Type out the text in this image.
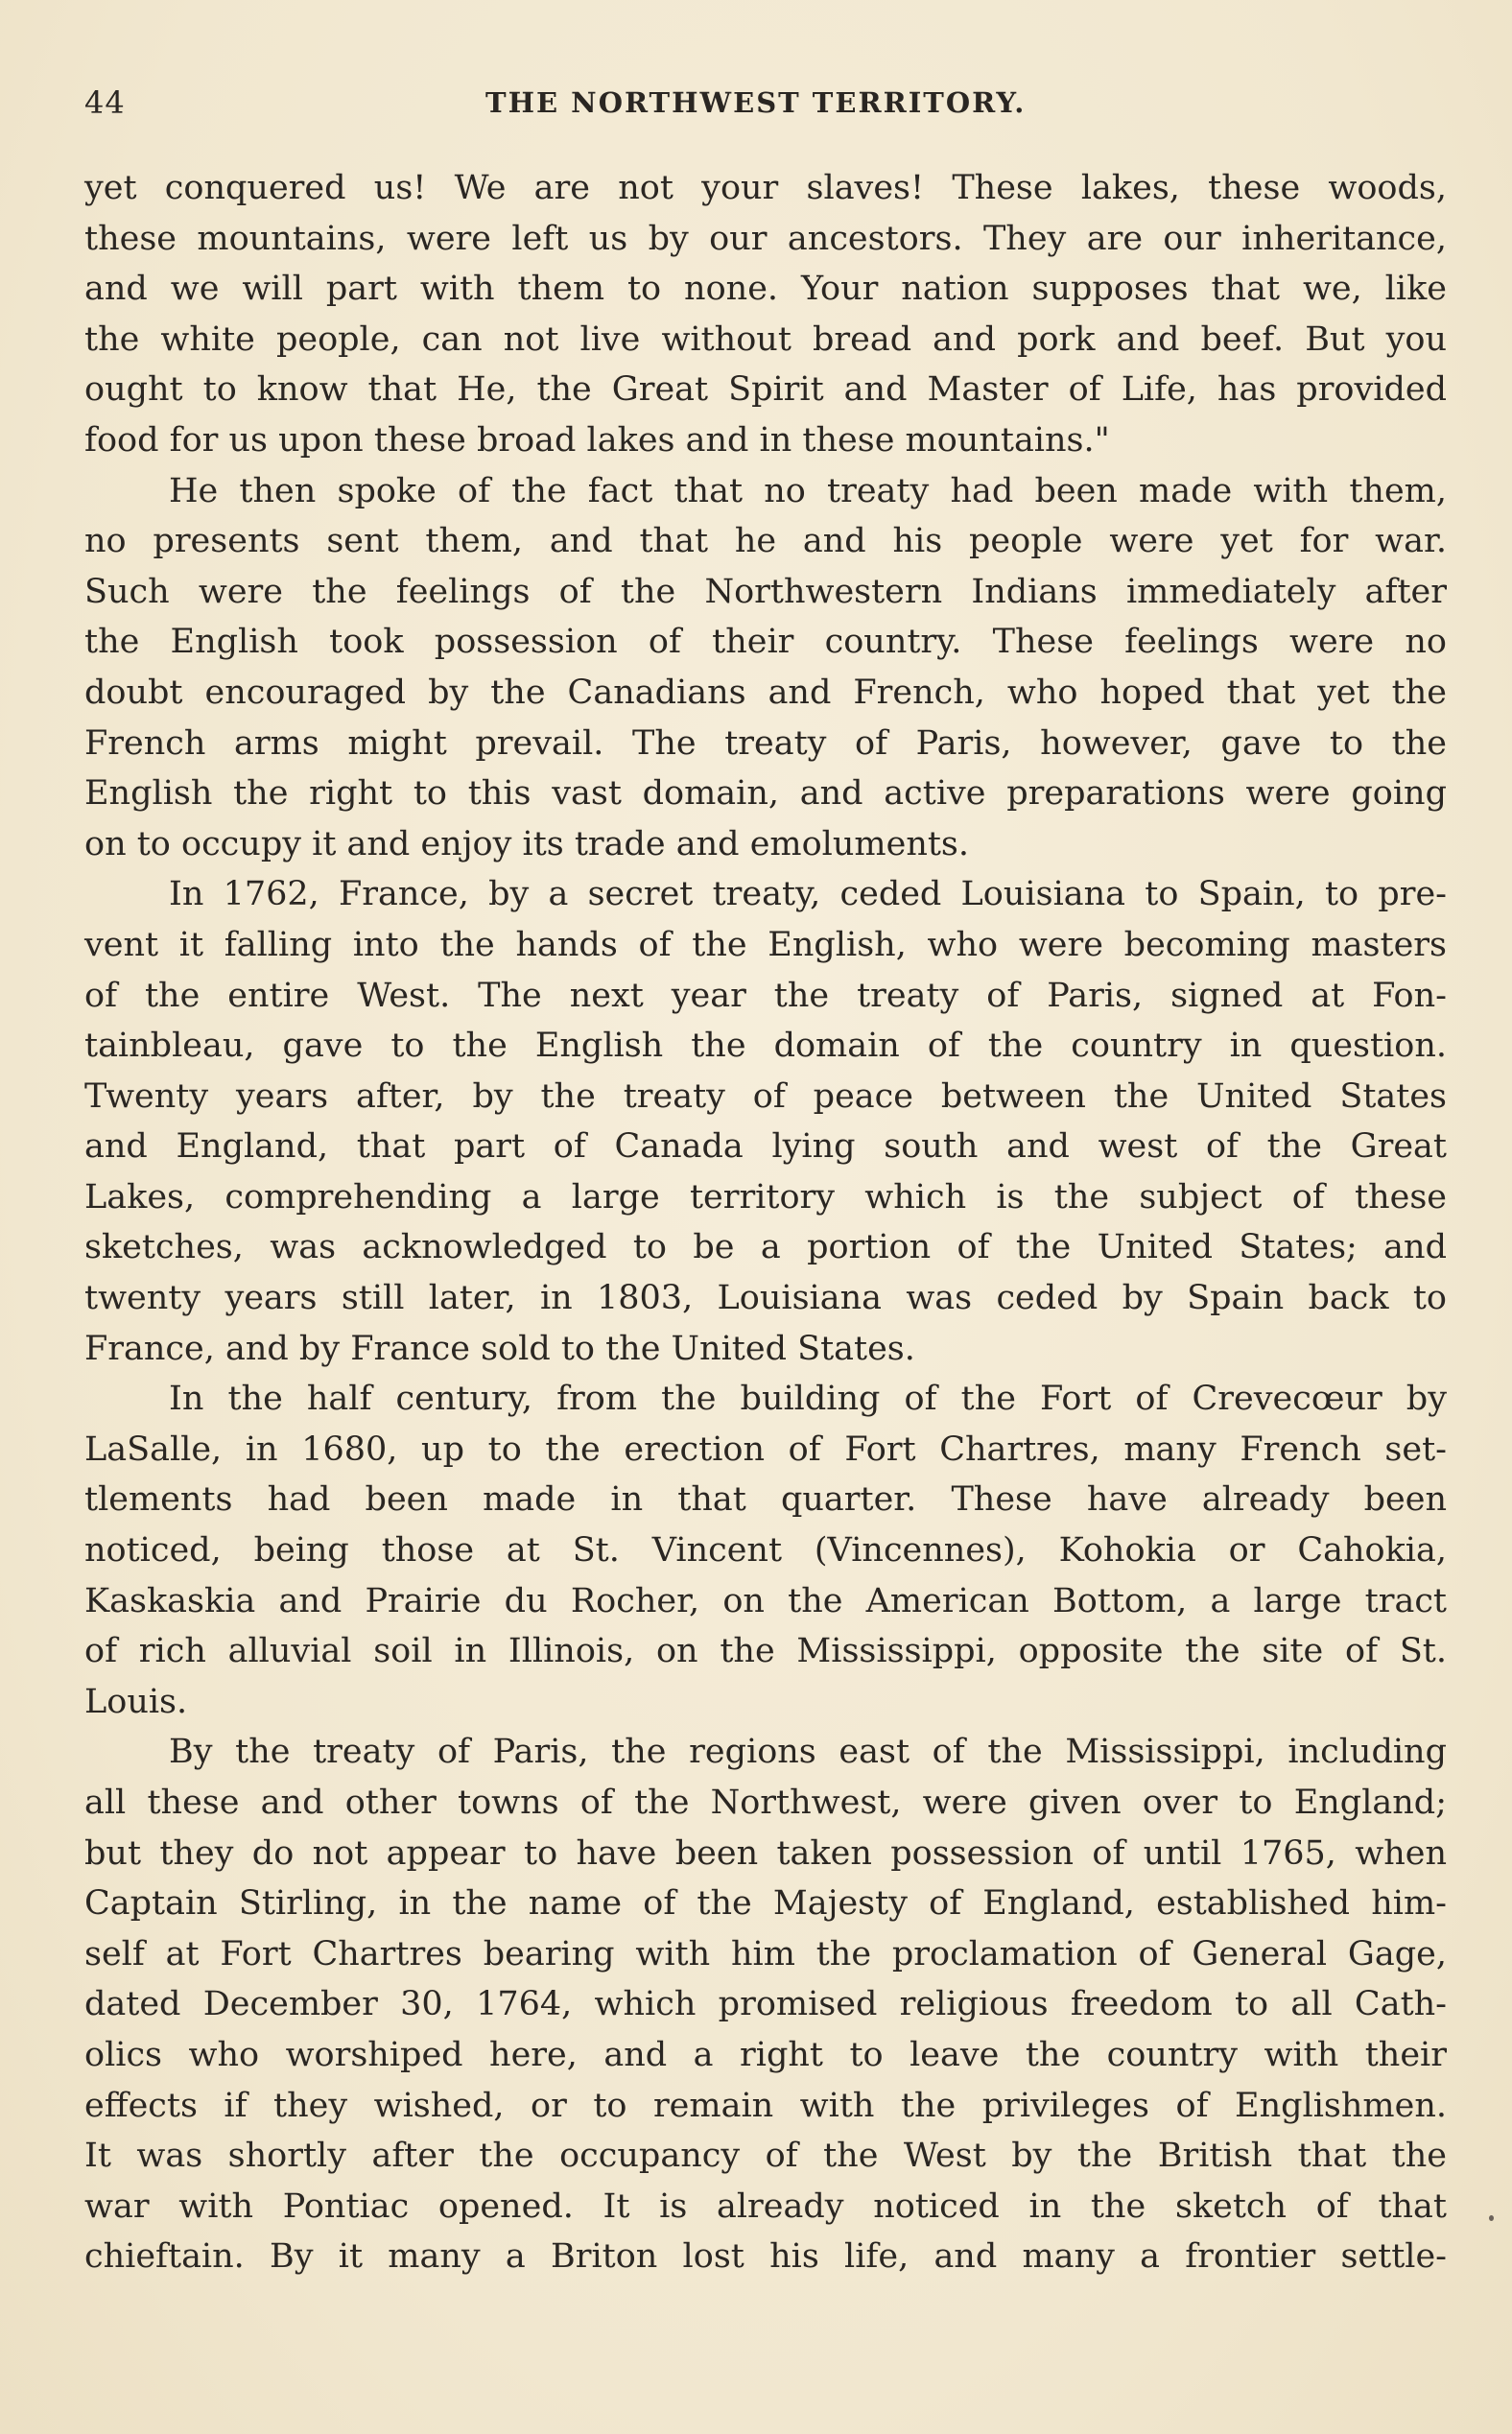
44	THE NORTHWEST TERRITORY.
yet conquered us! We are not your slaves! These lakes, these woods,
these mountains, were left us by our ancestors. They are our inheritance,
and we will part with them to none. Your nation supposes that we, like
the white people, can not live without bread and pork and beef. But you
ought to know that He, the Great Spirit and Master of Life, has provided
food for us upon these broad lakes and in these mountains."
He then spoke of the fact that no treaty had been made with them,
no presents sent them, and that he and his people were yet for war.
Such were the feelings of the Northwestern Indians immediately after
the English took possession of their country. These feelings were no
doubt encouraged by the Canadians and French, who hoped that yet the
French arms might prevail. The treaty of Paris, however, gave to the
English the right to this vast domain, and active preparations were going
on to occupy it and enjoy its trade and emoluments.
In 1762, France, by a secret treaty, ceded Louisiana to Spain, to pre-
vent it falling into the hands of the English, who were becoming masters
of the entire West. The next year the treaty of Paris, signed at Fon-
tainbleau, gave to the English the domain of the country in question.
Twenty years after, by the treaty of peace between the United States
and England, that part of Canada lying south and west of the Great
Lakes, comprehending a large territory which is the subject of these
sketches, was acknowledged to be a portion of the United States; and
twenty years still later, in 1803, Louisiana was ceded by Spain back to
France, and by France sold to the United States.
In the half century, from the building of the Fort of Crevecœur by
LaSalle, in 1680, up to the erection of Fort Chartres, many French set-
tlements had been made in that quarter. These have already been
noticed, being those at St. Vincent (Vincennes), Kohokia or Cahokia,
Kaskaskia and Prairie du Rocher, on the American Bottom, a large tract
of rich alluvial soil in Illinois, on the Mississippi, opposite the site of St.
Louis.
By the treaty of Paris, the regions east of the Mississippi, including
all these and other towns of the Northwest, were given over to England;
but they do not appear to have been taken possession of until 1765, when
Captain Stirling, in the name of the Majesty of England, established him-
self at Fort Chartres bearing with him the proclamation of General Gage,
dated December 30, 1764, which promised religious freedom to all Cath-
olics who worshiped here, and a right to leave the country with their
effects if they wished, or to remain with the privileges of Englishmen.
It was shortly after the occupancy of the West by the British that the
war with Pontiac opened. It is already noticed in the sketch of that
chieftain. By it many a Briton lost his life, and many a frontier settle-
